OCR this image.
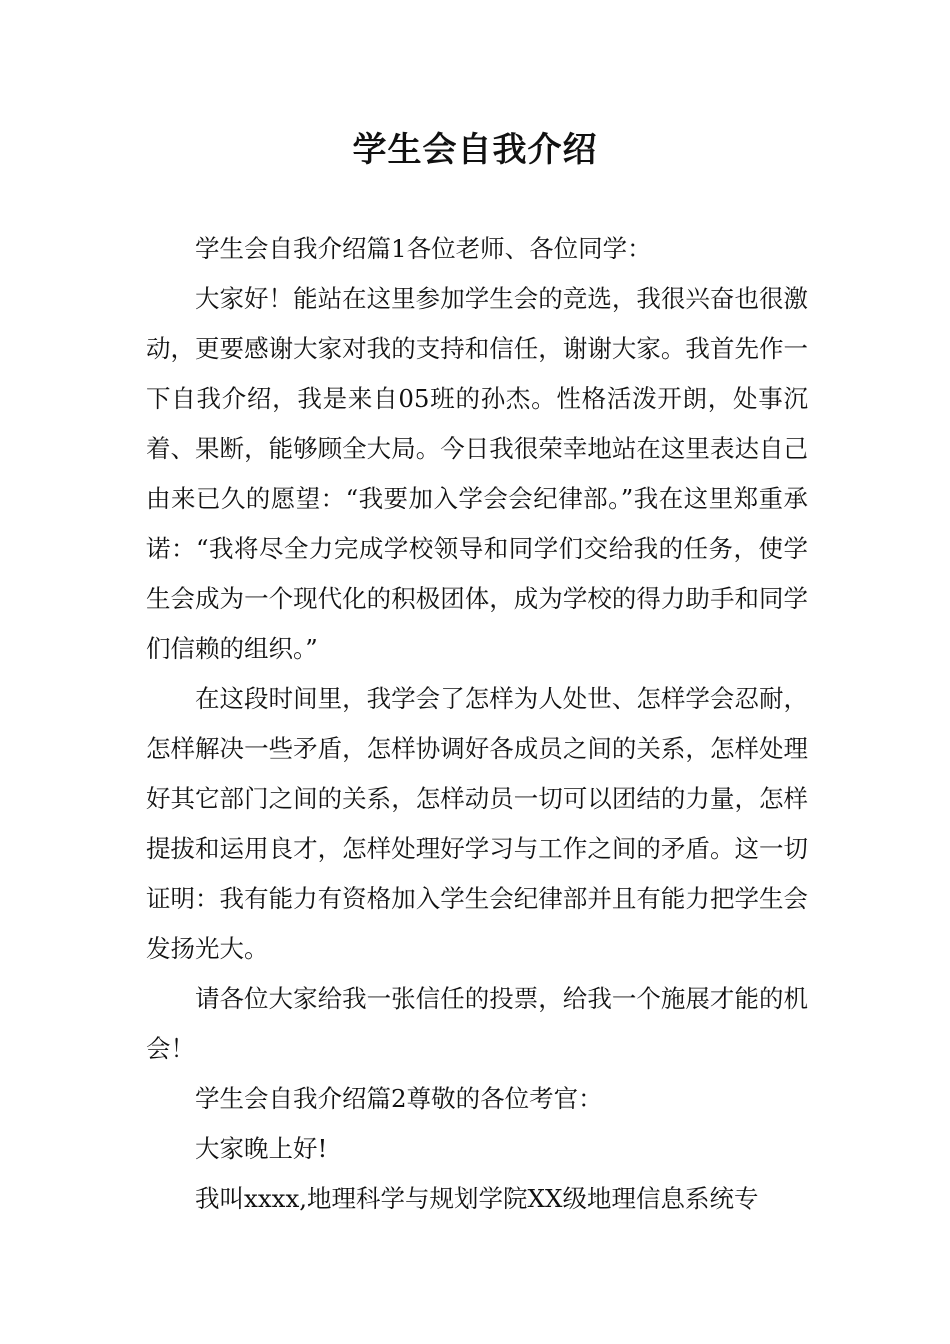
学生会自我介绍

学生会自我介绍篇1各位老师、各位同学：

大家好！能站在这里参加学生会的竞选，我很兴奋也很激动，更要感谢大家对我的支持和信任，谢谢大家。我首先作一下自我介绍，我是来自05班的孙杰。性格活泼开朗，处事沉着、果断，能够顾全大局。今日我很荣幸地站在这里表达自己由来已久的愿望：“我要加入学会会纪律部。”我在这里郑重承诺：“我将尽全力完成学校领导和同学们交给我的任务，使学生会成为一个现代化的积极团体，成为学校的得力助手和同学们信赖的组织。”

在这段时间里，我学会了怎样为人处世、怎样学会忍耐，怎样解决一些矛盾，怎样协调好各成员之间的关系，怎样处理好其它部门之间的关系，怎样动员一切可以团结的力量，怎样提拔和运用良才，怎样处理好学习与工作之间的矛盾。这一切证明：我有能力有资格加入学生会纪律部并且有能力把学生会发扬光大。

请各位大家给我一张信任的投票，给我一个施展才能的机会！

学生会自我介绍篇2尊敬的各位考官：

大家晚上好!

我叫xxxx,地理科学与规划学院XX级地理信息系统专
